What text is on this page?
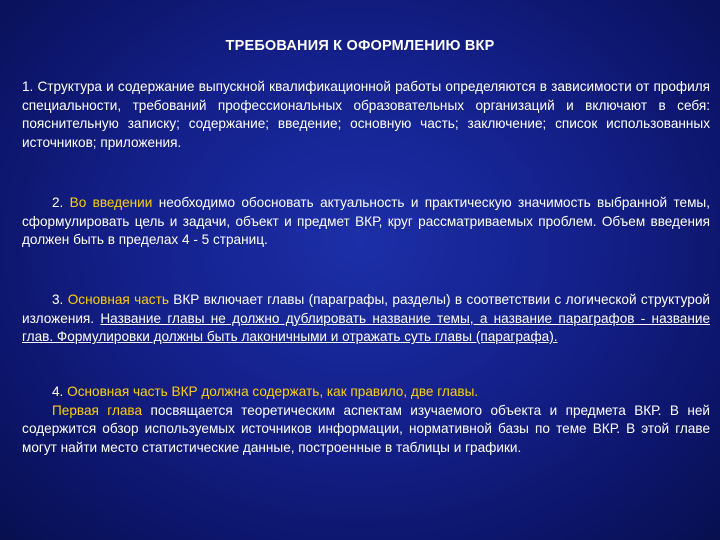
ТРЕБОВАНИЯ К ОФОРМЛЕНИЮ ВКР
1. Структура и содержание выпускной квалификационной работы определяются в зависимости от профиля специальности, требований профессиональных образовательных организаций и включают в себя: пояснительную записку; содержание; введение; основную часть; заключение; список использованных источников; приложения.
2. Во введении необходимо обосновать актуальность и практическую значимость выбранной темы, сформулировать цель и задачи, объект и предмет ВКР, круг рассматриваемых проблем. Объем введения должен быть в пределах 4 - 5 страниц.
3. Основная часть ВКР включает главы (параграфы, разделы) в соответствии с логической структурой изложения. Название главы не должно дублировать название темы, а название параграфов - название глав. Формулировки должны быть лаконичными и отражать суть главы (параграфа).
4. Основная часть ВКР должна содержать, как правило, две главы.
Первая глава посвящается теоретическим аспектам изучаемого объекта и предмета ВКР. В ней содержится обзор используемых источников информации, нормативной базы по теме ВКР. В этой главе могут найти место статистические данные, построенные в таблицы и графики.
